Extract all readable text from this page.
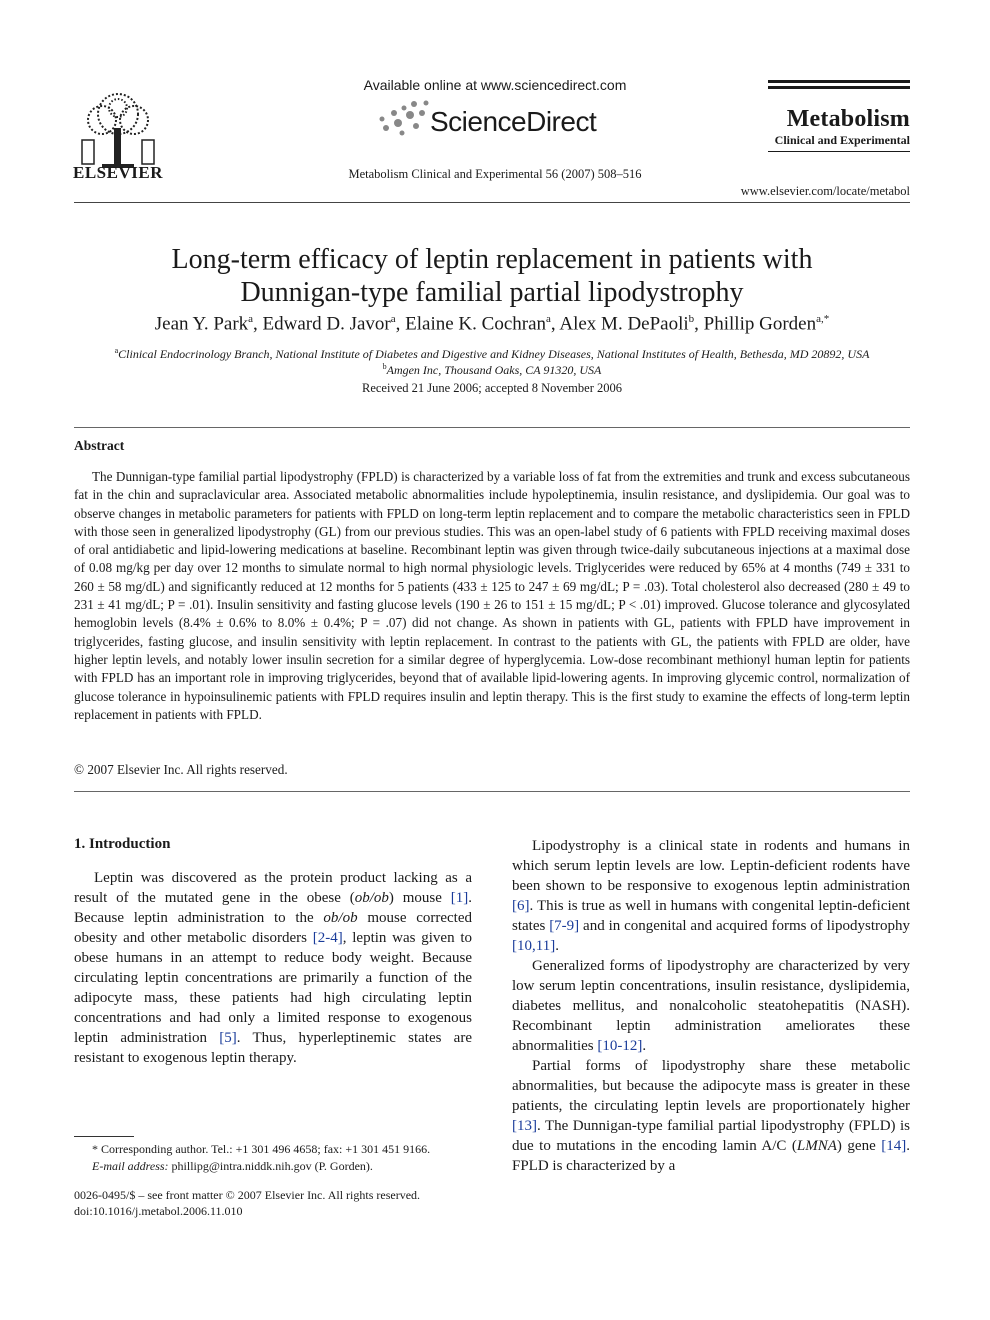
ELSEVIER
Available online at www.sciencedirect.com
ScienceDirect
Metabolism Clinical and Experimental 56 (2007) 508–516
Metabolism
Clinical and Experimental
www.elsevier.com/locate/metabol
Long-term efficacy of leptin replacement in patients with
Dunnigan-type familial partial lipodystrophy
Jean Y. Park$^a$, Edward D. Javor$^a$, Elaine K. Cochran$^a$, Alex M. DePaoli$^b$, Phillip Gorden$^{a,*}$
$^a$Clinical Endocrinology Branch, National Institute of Diabetes and Digestive and Kidney Diseases, National Institutes of Health, Bethesda, MD 20892, USA
$^b$Amgen Inc, Thousand Oaks, CA 91320, USA
Received 21 June 2006; accepted 8 November 2006
Abstract

The Dunnigan-type familial partial lipodystrophy (FPLD) is characterized by a variable loss of fat from the extremities and trunk and excess subcutaneous fat in the chin and supraclavicular area. Associated metabolic abnormalities include hypoleptinemia, insulin resistance, and dyslipidemia. Our goal was to observe changes in metabolic parameters for patients with FPLD on long-term leptin replacement and to compare the metabolic characteristics seen in FPLD with those seen in generalized lipodystrophy (GL) from our previous studies. This was an open-label study of 6 patients with FPLD receiving maximal doses of oral antidiabetic and lipid-lowering medications at baseline. Recombinant leptin was given through twice-daily subcutaneous injections at a maximal dose of 0.08 mg/kg per day over 12 months to simulate normal to high normal physiologic levels. Triglycerides were reduced by 65% at 4 months (749 ± 331 to 260 ± 58 mg/dL) and significantly reduced at 12 months for 5 patients (433 ± 125 to 247 ± 69 mg/dL; P = .03). Total cholesterol also decreased (280 ± 49 to 231 ± 41 mg/dL; P = .01). Insulin sensitivity and fasting glucose levels (190 ± 26 to 151 ± 15 mg/dL; P < .01) improved. Glucose tolerance and glycosylated hemoglobin levels (8.4% ± 0.6% to 8.0% ± 0.4%; P = .07) did not change. As shown in patients with GL, patients with FPLD have improvement in triglycerides, fasting glucose, and insulin sensitivity with leptin replacement. In contrast to the patients with GL, the patients with FPLD are older, have higher leptin levels, and notably lower insulin secretion for a similar degree of hyperglycemia. Low-dose recombinant methionyl human leptin for patients with FPLD has an important role in improving triglycerides, beyond that of available lipid-lowering agents. In improving glycemic control, normalization of glucose tolerance in hypoinsulinemic patients with FPLD requires insulin and leptin therapy. This is the first study to examine the effects of long-term leptin replacement in patients with FPLD.

© 2007 Elsevier Inc. All rights reserved.
1. Introduction

Leptin was discovered as the protein product lacking as a result of the mutated gene in the obese (ob/ob) mouse [1]. Because leptin administration to the ob/ob mouse corrected obesity and other metabolic disorders [2-4], leptin was given to obese humans in an attempt to reduce body weight. Because circulating leptin concentrations are primarily a function of the adipocyte mass, these patients had high circulating leptin concentrations and had only a limited response to exogenous leptin administration [5]. Thus, hyperleptinemic states are resistant to exogenous leptin therapy.

Lipodystrophy is a clinical state in rodents and humans in which serum leptin levels are low. Leptin-deficient rodents have been shown to be responsive to exogenous leptin administration [6]. This is true as well in humans with congenital leptin-deficient states [7-9] and in congenital and acquired forms of lipodystrophy [10,11].

Generalized forms of lipodystrophy are characterized by very low serum leptin concentrations, insulin resistance, dyslipidemia, diabetes mellitus, and nonalcoholic steatohepatitis (NASH). Recombinant leptin administration ameliorates these abnormalities [10-12].

Partial forms of lipodystrophy share these metabolic abnormalities, but because the adipocyte mass is greater in these patients, the circulating leptin levels are proportionately higher [13]. The Dunnigan-type familial partial lipodystrophy (FPLD) is due to mutations in the encoding lamin A/C (LMNA) gene [14]. FPLD is characterized by a

* Corresponding author. Tel.: +1 301 496 4658; fax: +1 301 451 9166.
E-mail address: phillipg@intra.niddk.nih.gov (P. Gorden).
0026-0495/$ – see front matter © 2007 Elsevier Inc. All rights reserved.
doi:10.1016/j.metabol.2006.11.010
